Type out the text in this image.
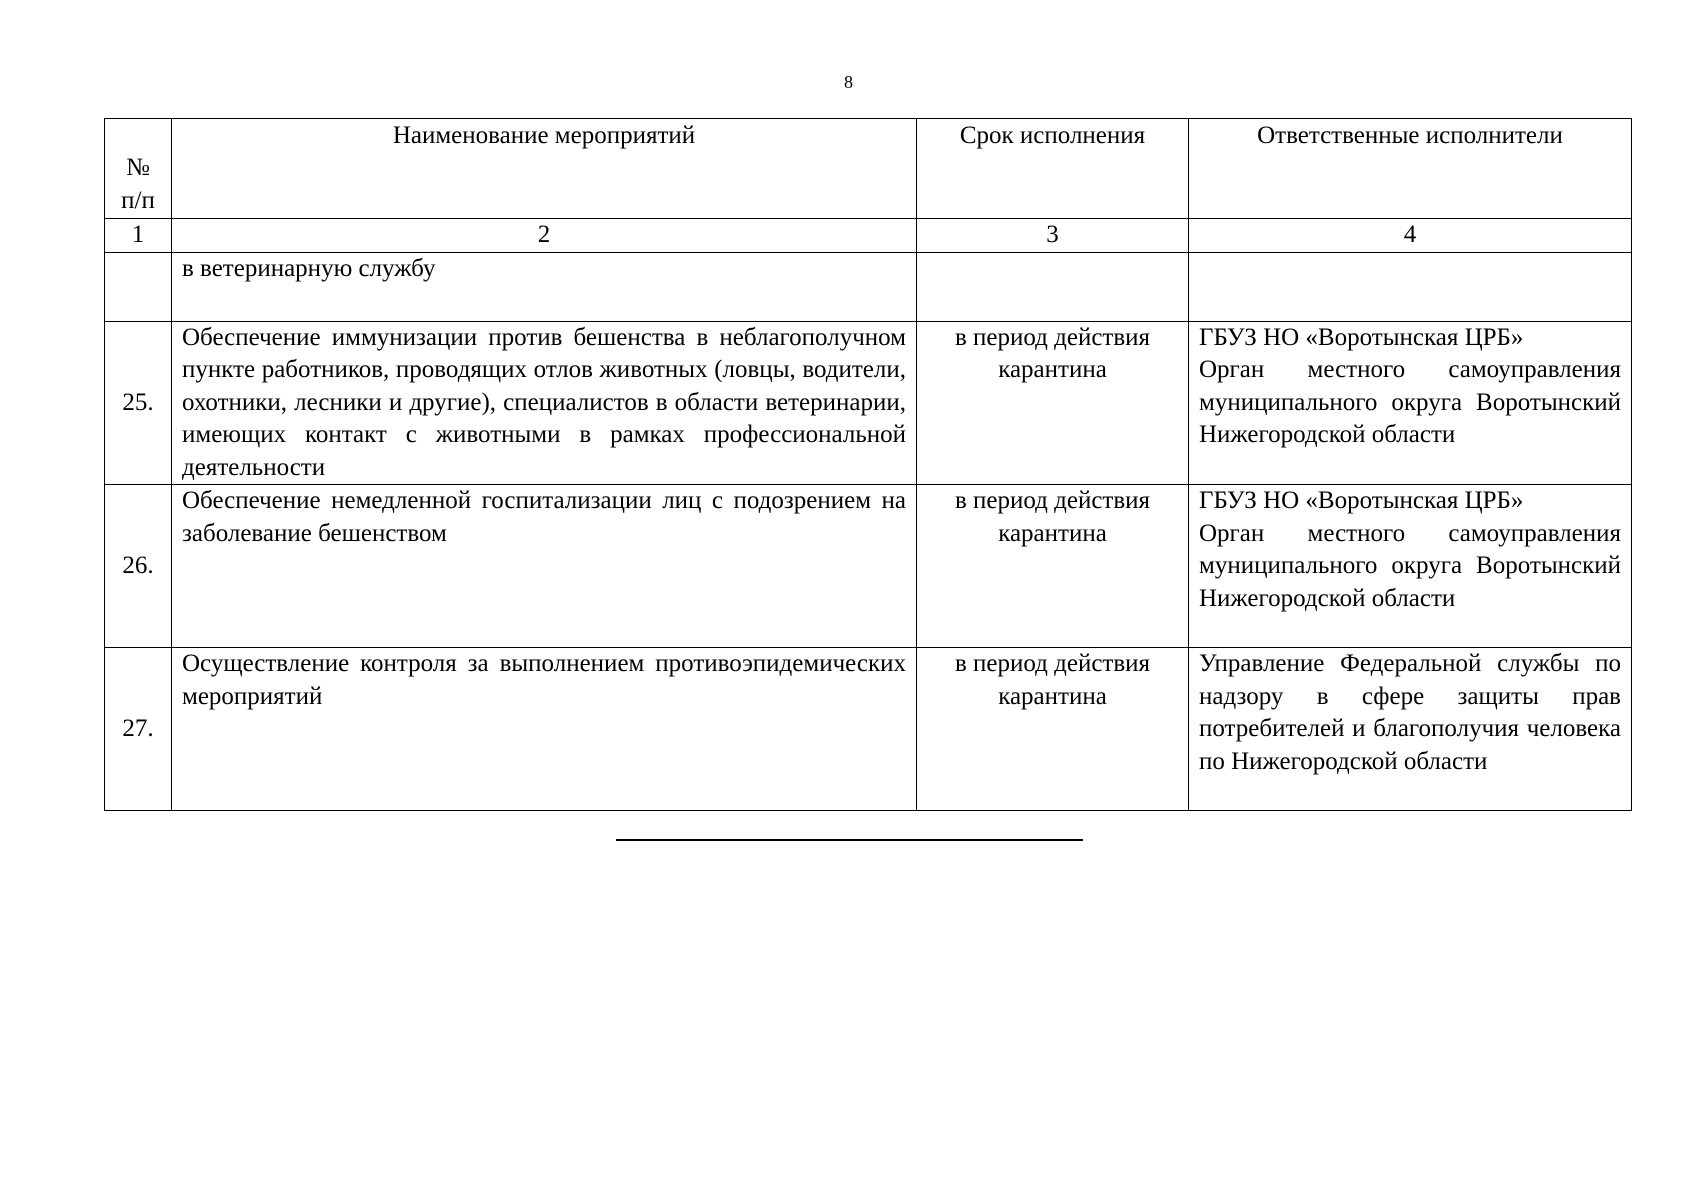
8
№
п/п	Наименование мероприятий	Срок исполнения	Ответственные исполнители
1	2	3	4
	в ветеринарную службу		
25.	Обеспечение иммунизации против бешенства в неблагополучном пункте работников, проводящих отлов животных (ловцы, водители, охотники, лесники и другие), специалистов в области ветеринарии, имеющих контакт с животными в рамках профессиональной деятельности	в период действия карантина	ГБУЗ НО «Воротынская ЦРБ»
Орган местного самоуправления муниципального округа Воротынский Нижегородской области

26.	Обеспечение немедленной госпитализации лиц с подозрением на заболевание бешенством	в период действия карантина	ГБУЗ НО «Воротынская ЦРБ»
Орган местного самоуправления муниципального округа Воротынский Нижегородской области

27.	Осуществление контроля за выполнением противоэпидемических мероприятий	в период действия карантина	Управление Федеральной службы по надзору в сфере защиты прав потребителей и благополучия человека по Нижегородской области
